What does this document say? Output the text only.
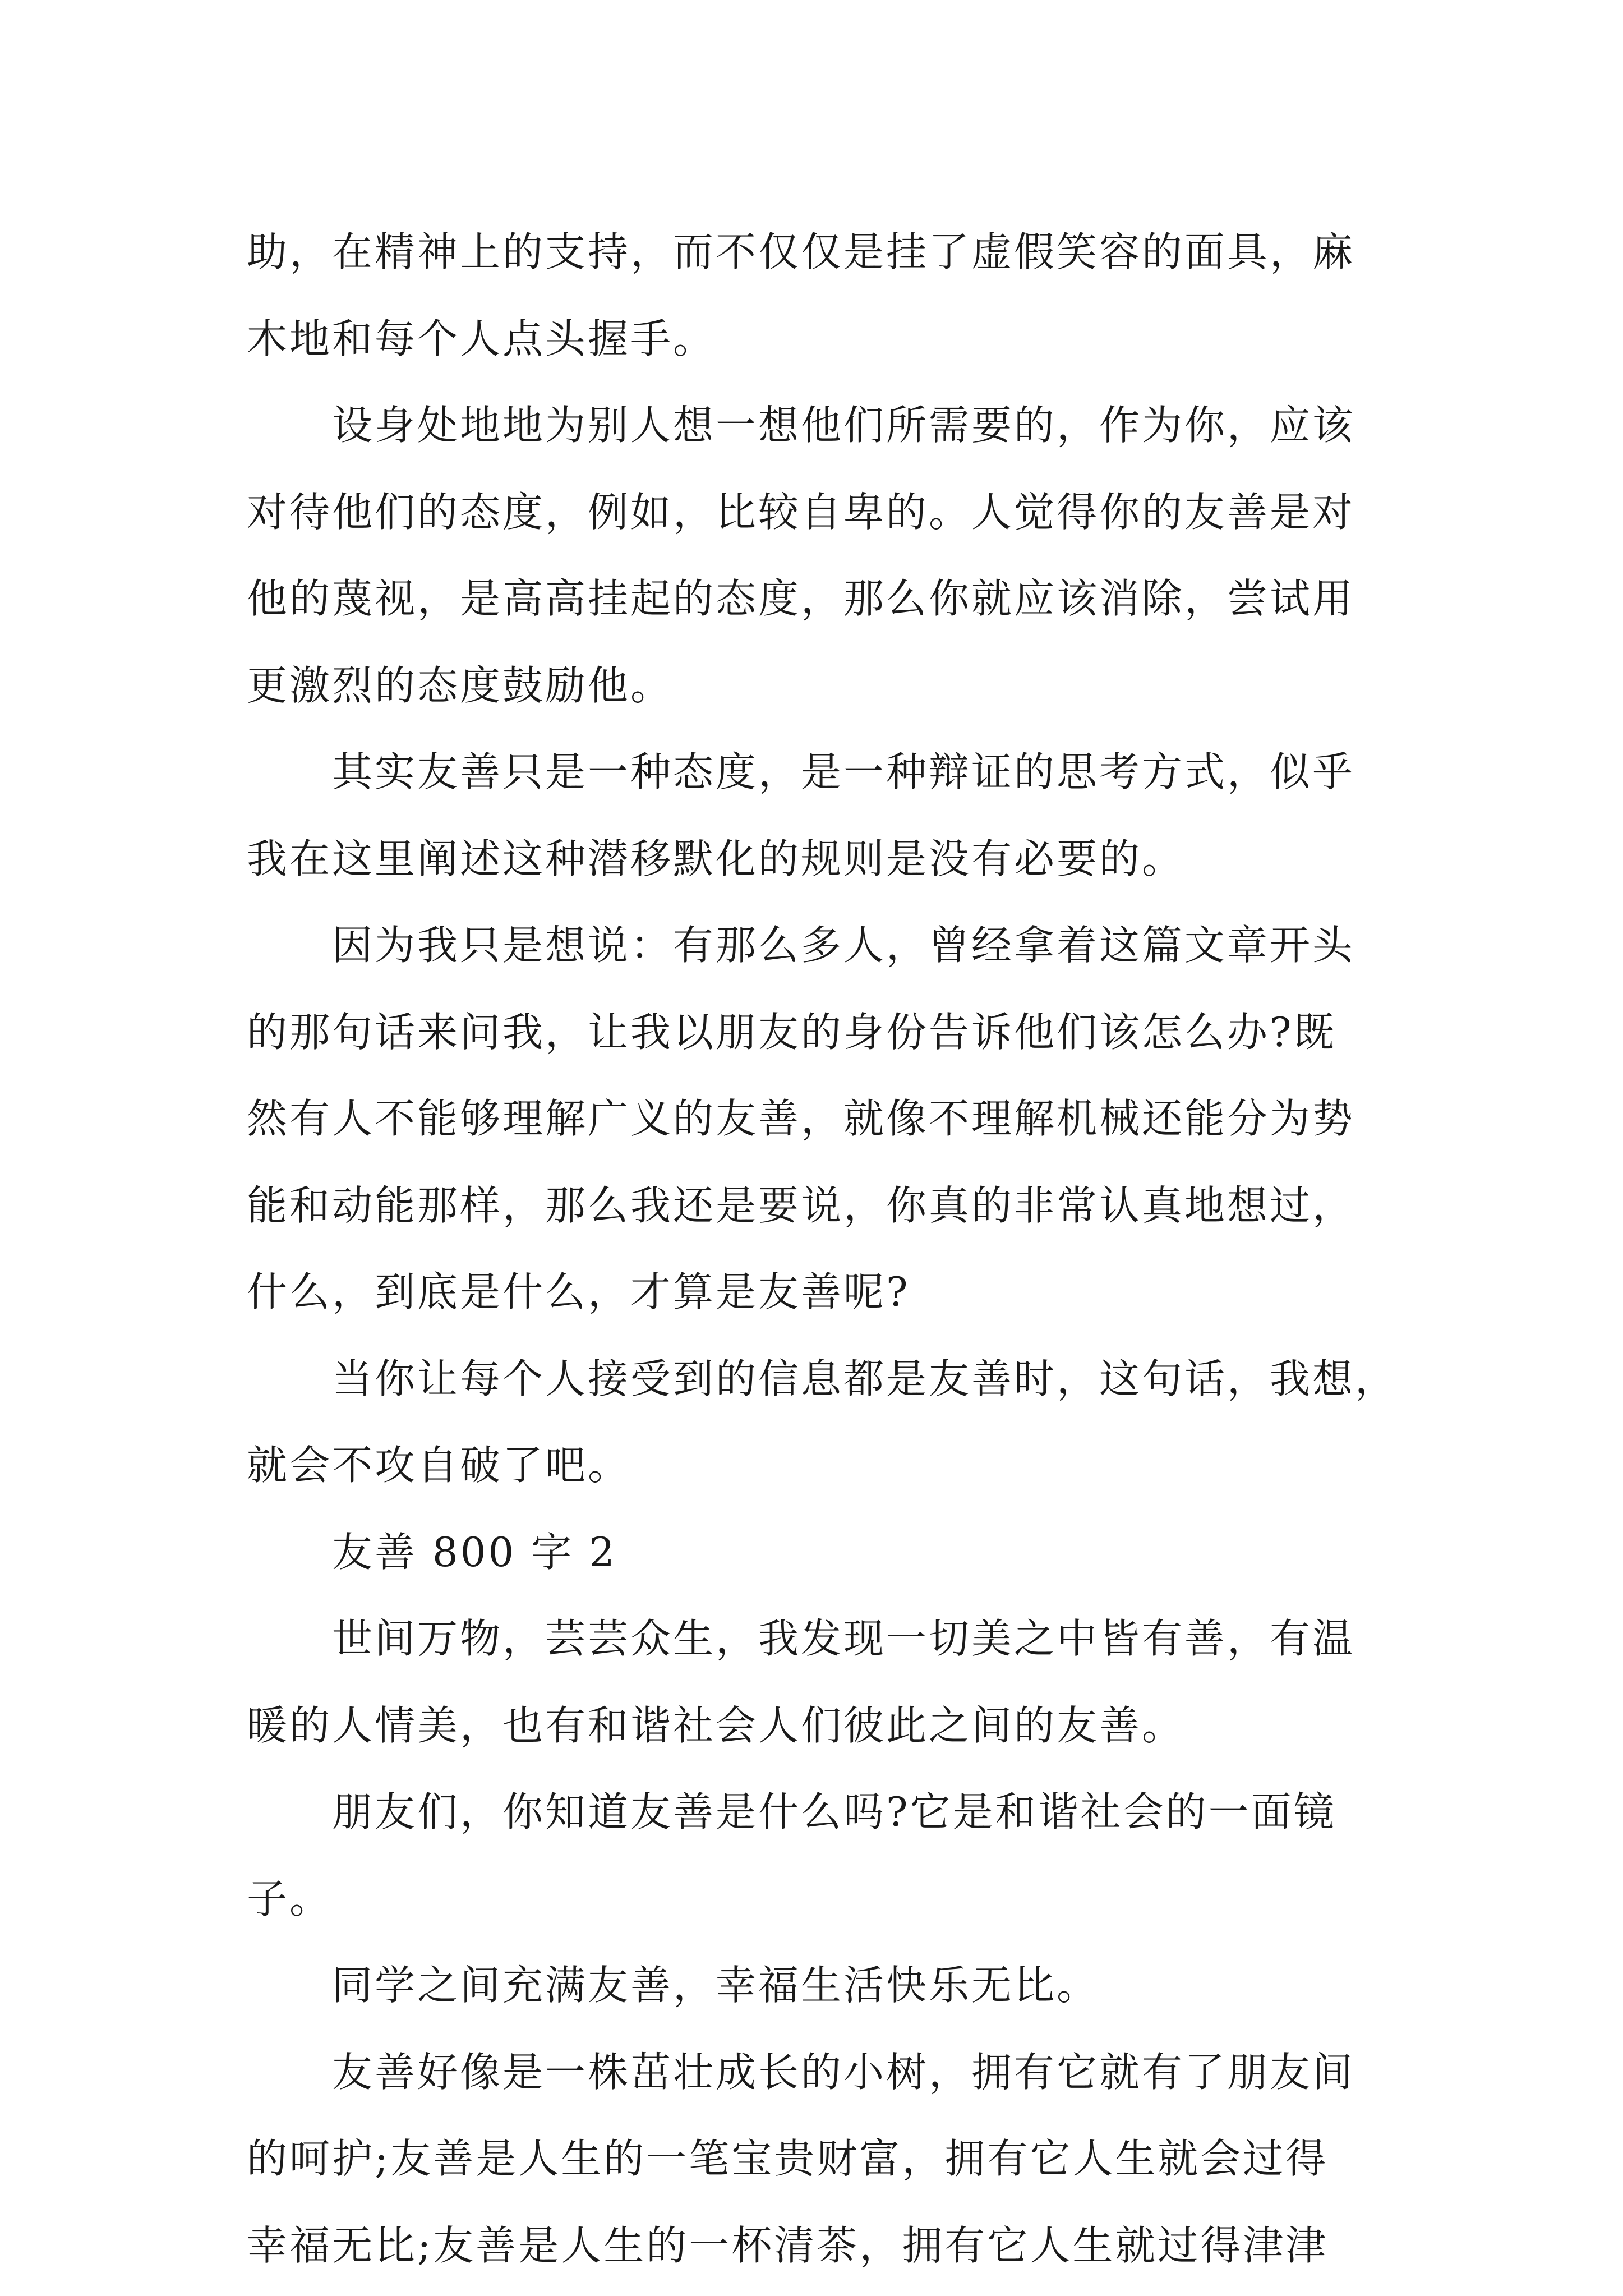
助，在精神上的支持，而不仅仅是挂了虚假笑容的面具，麻
木地和每个人点头握手。
设身处地地为别人想一想他们所需要的，作为你，应该
对待他们的态度，例如，比较自卑的。人觉得你的友善是对
他的蔑视，是高高挂起的态度，那么你就应该消除，尝试用
更激烈的态度鼓励他。
其实友善只是一种态度，是一种辩证的思考方式，似乎
我在这里阐述这种潜移默化的规则是没有必要的。
因为我只是想说：有那么多人，曾经拿着这篇文章开头
的那句话来问我，让我以朋友的身份告诉他们该怎么办?既
然有人不能够理解广义的友善，就像不理解机械还能分为势
能和动能那样，那么我还是要说，你真的非常认真地想过，
什么，到底是什么，才算是友善呢?
当你让每个人接受到的信息都是友善时，这句话，我想，
就会不攻自破了吧。
友善 800 字 2
世间万物，芸芸众生，我发现一切美之中皆有善，有温
暖的人情美，也有和谐社会人们彼此之间的友善。
朋友们，你知道友善是什么吗?它是和谐社会的一面镜
子。
同学之间充满友善，幸福生活快乐无比。
友善好像是一株茁壮成长的小树，拥有它就有了朋友间
的呵护;友善是人生的一笔宝贵财富，拥有它人生就会过得
幸福无比;友善是人生的一杯清茶，拥有它人生就过得津津
